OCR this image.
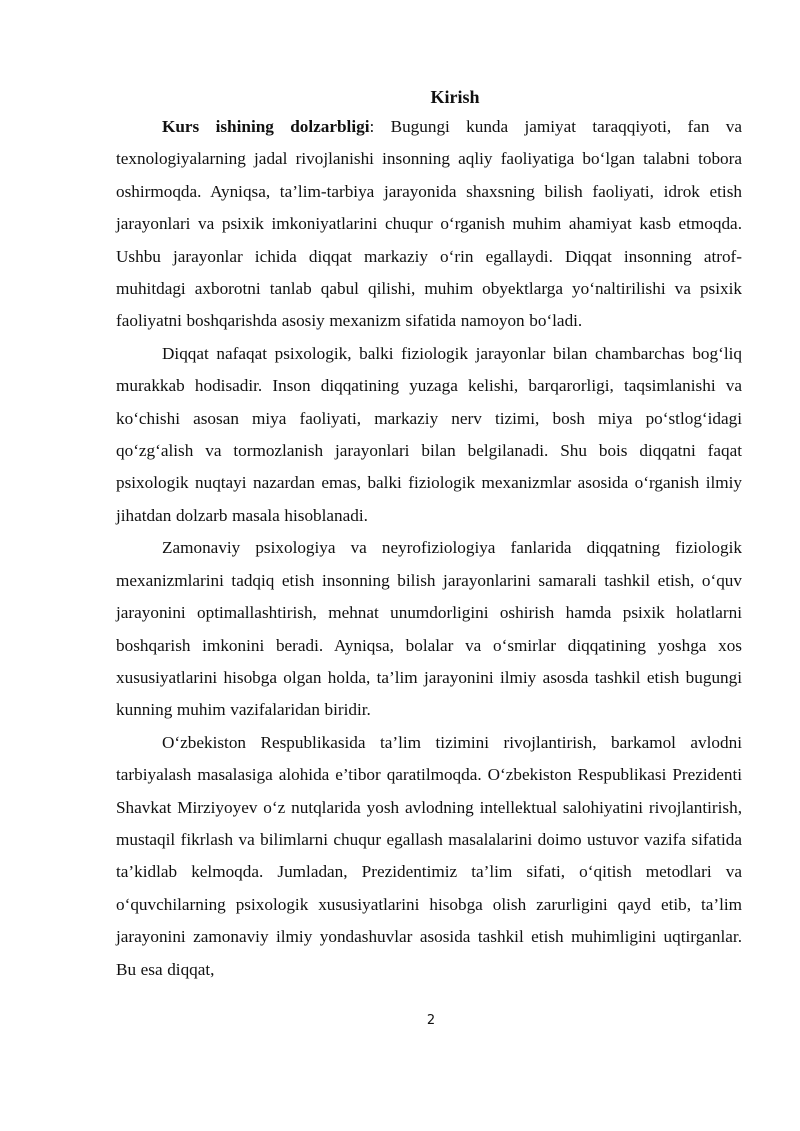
Kirish

Kurs ishining dolzarbligi: Bugungi kunda jamiyat taraqqiyoti, fan va texnologiyalarning jadal rivojlanishi insonning aqliy faoliyatiga bo‘lgan talabni tobora oshirmoqda. Ayniqsa, ta’lim-tarbiya jarayonida shaxsning bilish faoliyati, idrok etish jarayonlari va psixik imkoniyatlarini chuqur o‘rganish muhim ahamiyat kasb etmoqda. Ushbu jarayonlar ichida diqqat markaziy o‘rin egallaydi. Diqqat insonning atrof-muhitdagi axborotni tanlab qabul qilishi, muhim obyektlarga yo‘naltirilishi va psixik faoliyatni boshqarishda asosiy mexanizm sifatida namoyon bo‘ladi.

Diqqat nafaqat psixologik, balki fiziologik jarayonlar bilan chambarchas bog‘liq murakkab hodisadir. Inson diqqatining yuzaga kelishi, barqarorligi, taqsimlanishi va ko‘chishi asosan miya faoliyati, markaziy nerv tizimi, bosh miya po‘stlog‘idagi qo‘zg‘alish va tormozlanish jarayonlari bilan belgilanadi. Shu bois diqqatni faqat psixologik nuqtayi nazardan emas, balki fiziologik mexanizmlar asosida o‘rganish ilmiy jihatdan dolzarb masala hisoblanadi.

Zamonaviy psixologiya va neyrofiziologiya fanlarida diqqatning fiziologik mexanizmlarini tadqiq etish insonning bilish jarayonlarini samarali tashkil etish, o‘quv jarayonini optimallashtirish, mehnat unumdorligini oshirish hamda psixik holatlarni boshqarish imkonini beradi. Ayniqsa, bolalar va o‘smirlar diqqatining yoshga xos xususiyatlarini hisobga olgan holda, ta’lim jarayonini ilmiy asosda tashkil etish bugungi kunning muhim vazifalaridan biridir.

O‘zbekiston Respublikasida ta’lim tizimini rivojlantirish, barkamol avlodni tarbiyalash masalasiga alohida e’tibor qaratilmoqda. O‘zbekiston Respublikasi Prezidenti Shavkat Mirziyoyev o‘z nutqlarida yosh avlodning intellektual salohiyatini rivojlantirish, mustaqil fikrlash va bilimlarni chuqur egallash masalalarini doimo ustuvor vazifa sifatida ta’kidlab kelmoqda. Jumladan, Prezidentimiz ta’lim sifati, o‘qitish metodlari va o‘quvchilarning psixologik xususiyatlarini hisobga olish zarurligini qayd etib, ta’lim jarayonini zamonaviy ilmiy yondashuvlar asosida tashkil etish muhimligini uqtirganlar. Bu esa diqqat,

2
